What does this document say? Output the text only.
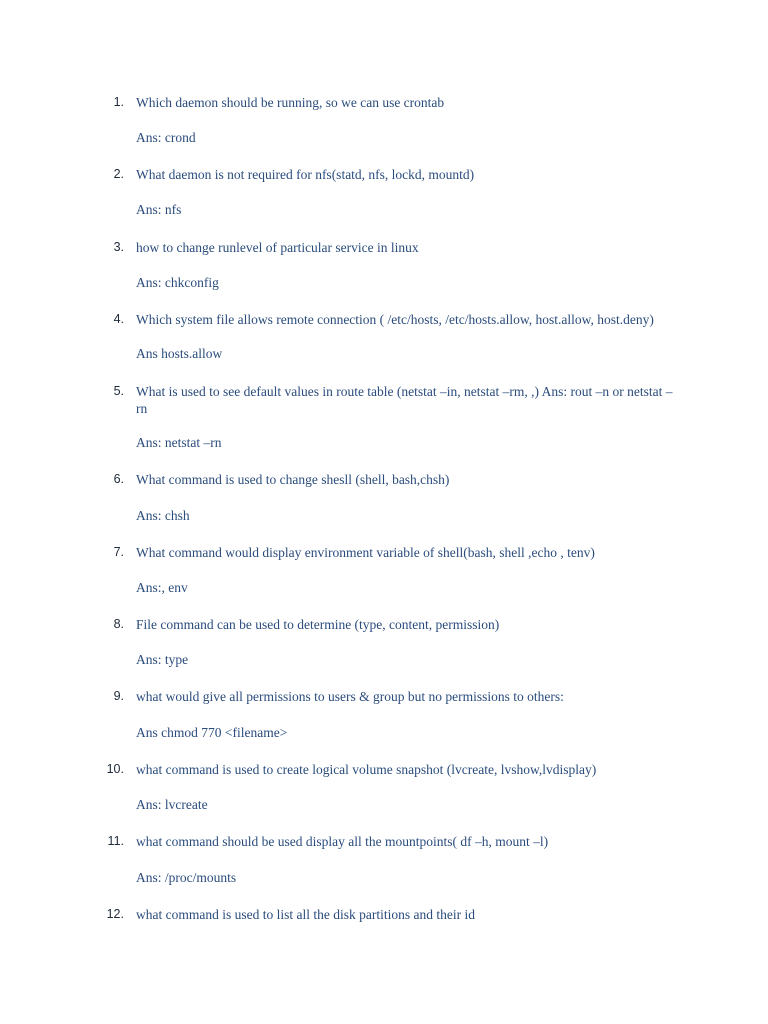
1. Which daemon should be running, so we can use crontab
Ans: crond
2. What daemon is not required for nfs(statd, nfs, lockd, mountd)
Ans: nfs
3. how to change runlevel of particular service in linux
Ans: chkconfig
4. Which system file allows remote connection ( /etc/hosts, /etc/hosts.allow, host.allow, host.deny)
Ans hosts.allow
5. What is used to see default values in route table (netstat –in, netstat –rm, ,) Ans: rout –n or netstat –rn
Ans: netstat –rn
6. What command is used to change shesll (shell, bash,chsh)
Ans: chsh
7. What command would display environment variable of shell(bash, shell ,echo , tenv)
Ans:, env
8. File command can be used to determine (type, content, permission)
Ans: type
9. what would give all permissions to users & group but no permissions to others:
Ans chmod 770 <filename>
10. what command is used to create logical volume snapshot (lvcreate, lvshow,lvdisplay)
Ans: lvcreate
11. what command should be used display all the mountpoints( df –h, mount –l)
Ans: /proc/mounts
12. what command is used to list all the disk partitions and their id
